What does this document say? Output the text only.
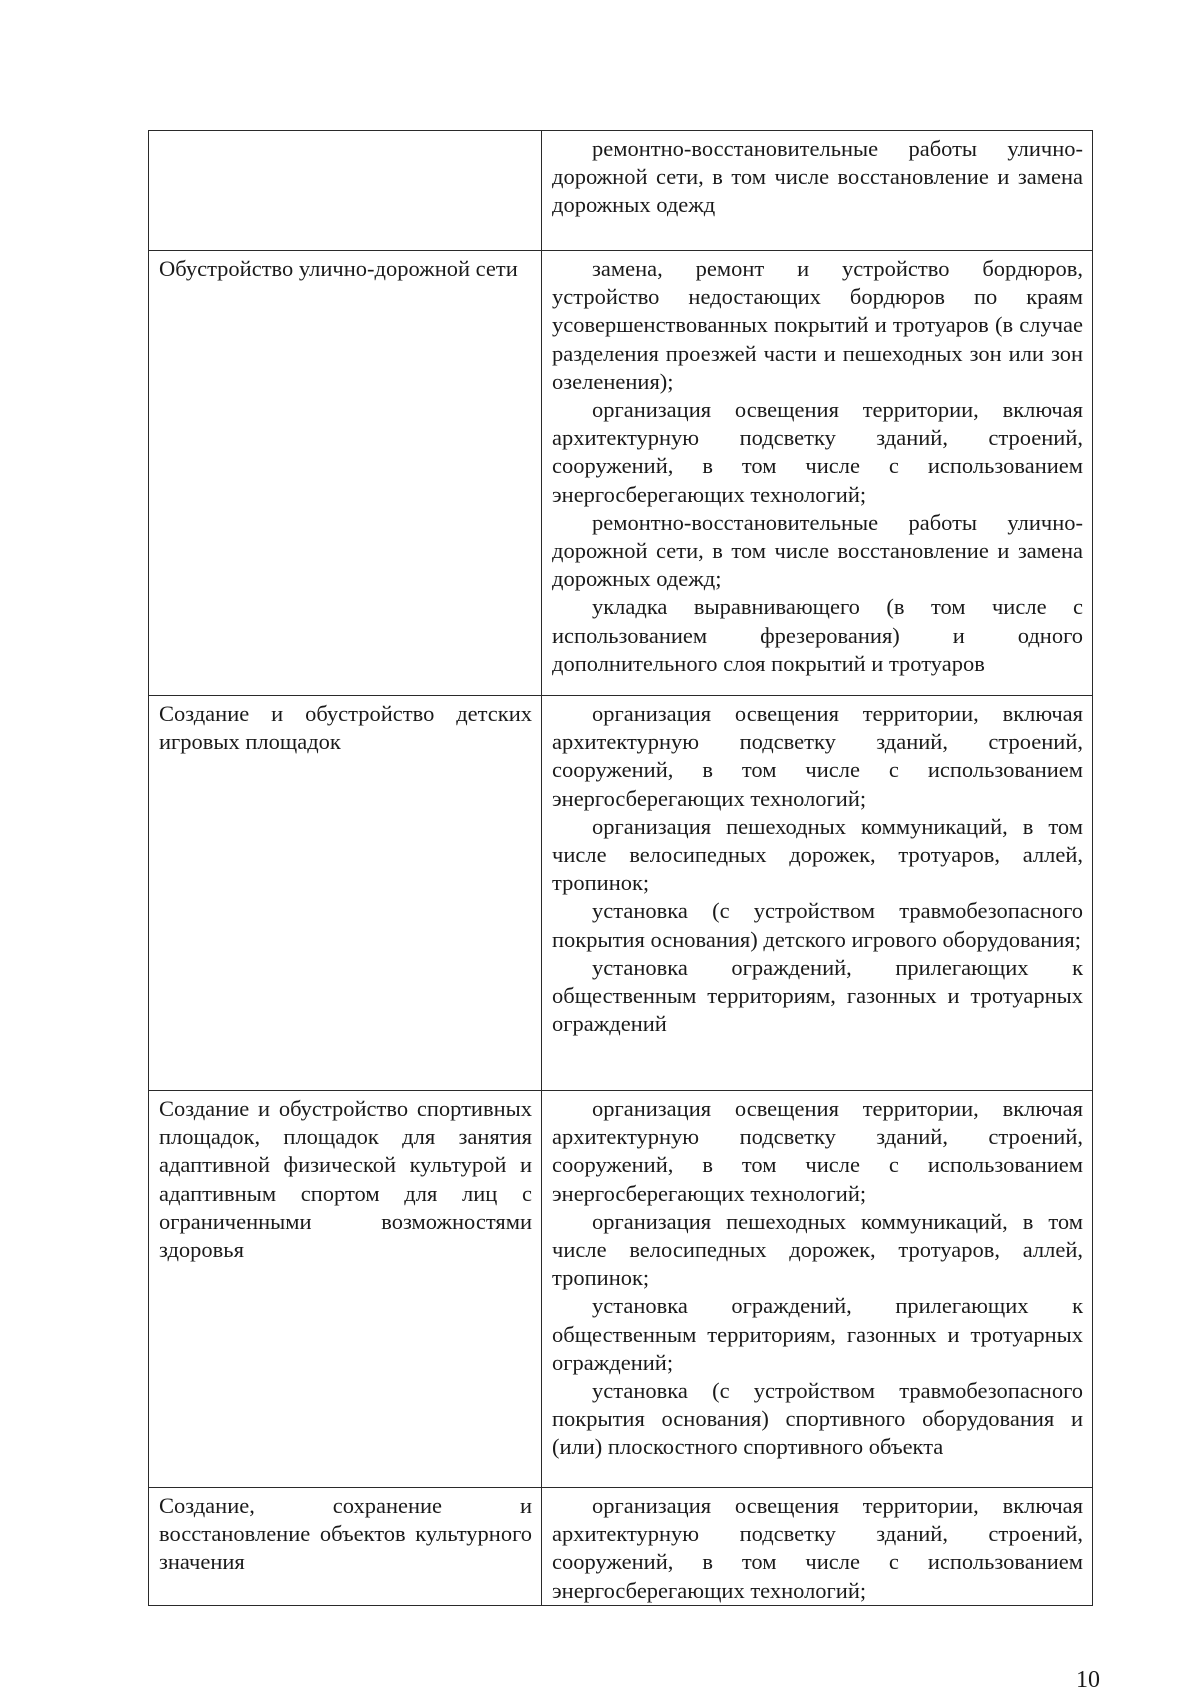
	ремонтно-восстановительные работы улично-дорожной сети, в том числе восстановление и замена дорожных одежд

Обустройство улично-дорожной сети	замена, ремонт и устройство бордюров, устройство недостающих бордюров по краям усовершенствованных покрытий и тротуаров (в случае разделения проезжей части и пешеходных зон или зон озеленения);
организация освещения территории, включая архитектурную подсветку зданий, строений, сооружений, в том числе с использованием энергосберегающих технологий;
ремонтно-восстановительные работы улично-дорожной сети, в том числе восстановление и замена дорожных одежд;
укладка выравнивающего (в том числе с использованием фрезерования) и одного дополнительного слоя покрытий и тротуаров

Создание и обустройство детских игровых площадок	организация освещения территории, включая архитектурную подсветку зданий, строений, сооружений, в том числе с использованием энергосберегающих технологий;
организация пешеходных коммуникаций, в том числе велосипедных дорожек, тротуаров, аллей, тропинок;
установка (с устройством травмобезопасного покрытия основания) детского игрового оборудования;
установка ограждений, прилегающих к общественным территориям, газонных и тротуарных ограждений

Создание и обустройство спортивных площадок, площадок для занятия адаптивной физической культурой и адаптивным спортом для лиц с ограниченными возможностями здоровья	организация освещения территории, включая архитектурную подсветку зданий, строений, сооружений, в том числе с использованием энергосберегающих технологий;
организация пешеходных коммуникаций, в том числе велосипедных дорожек, тротуаров, аллей, тропинок;
установка ограждений, прилегающих к общественным территориям, газонных и тротуарных ограждений;
установка (с устройством травмобезопасного покрытия основания) спортивного оборудования и (или) плоскостного спортивного объекта

Создание, сохранение и восстановление объектов культурного значения	организация освещения территории, включая архитектурную подсветку зданий, строений, сооружений, в том числе с использованием энергосберегающих технологий;
10
